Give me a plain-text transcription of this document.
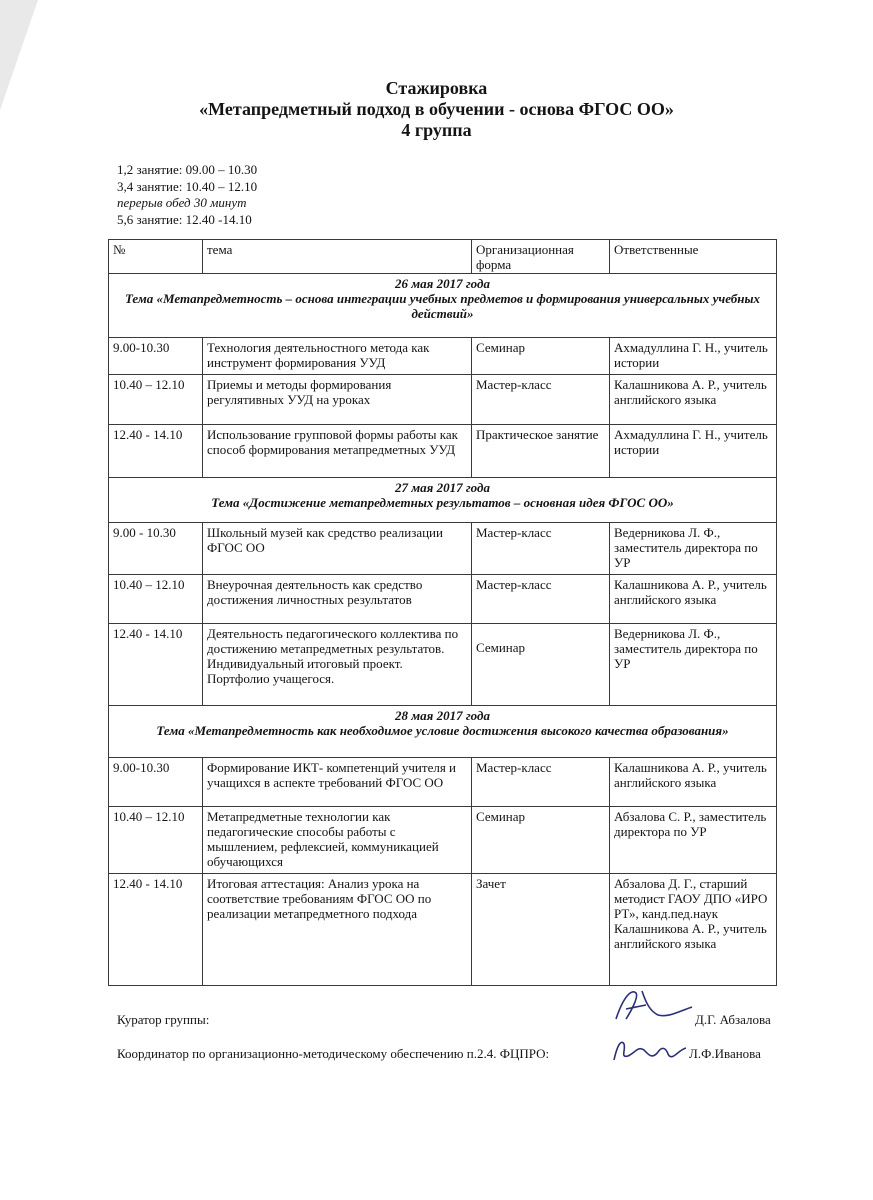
Стажировка
«Метапредметный подход в обучении - основа ФГОС ОО»
4 группа
1,2 занятие: 09.00 – 10.30
3,4 занятие: 10.40 – 12.10
перерыв обед 30 минут
5,6 занятие: 12.40 -14.10
№	тема	Организационная форма	Ответственные

26 мая 2017 года
Тема «Метапредметность – основа интеграции учебных предметов и формирования универсальных учебных действий»			

9.00-10.30	Технология деятельностного метода как инструмент формирования УУД	Семинар	Ахмадуллина Г. Н., учитель истории
10.40 – 12.10	Приемы и методы формирования регулятивных УУД на уроках	Мастер-класс	Калашникова А. Р., учитель английского языка
12.40 - 14.10	Использование групповой формы работы как способ формирования метапредметных УУД	Практическое занятие	Ахмадуллина Г. Н., учитель истории

27 мая 2017 года
Тема «Достижение метапредметных результатов – основная идея ФГОС ОО»			

9.00 - 10.30	Школьный музей как средство реализации ФГОС ОО	Мастер-класс	Ведерникова Л. Ф., заместитель директора по УР
10.40 – 12.10	Внеурочная деятельность как средство достижения личностных результатов	Мастер-класс	Калашникова А. Р., учитель английского языка
12.40 - 14.10	Деятельность педагогического коллектива по достижению метапредметных результатов. Индивидуальный итоговый проект. Портфолио учащегося.	Семинар	Ведерникова Л. Ф., заместитель директора по УР

28 мая 2017 года
Тема «Метапредметность как необходимое условие достижения высокого качества образования»			

9.00-10.30	Формирование ИКТ- компетенций учителя и учащихся в аспекте требований ФГОС ОО	Мастер-класс	Калашникова А. Р., учитель английского языка
10.40 – 12.10	Метапредметные технологии как педагогические способы работы с мышлением, рефлексией, коммуникацией обучающихся	Семинар	Абзалова С. Р., заместитель директора по УР
12.40 - 14.10	Итоговая аттестация: Анализ урока на соответствие требованиям ФГОС ОО по реализации метапредметного подхода	Зачет	Абзалова Д. Г., старший методист ГАОУ ДПО «ИРО РТ», канд.пед.наук Калашникова А. Р., учитель английского языка
Куратор группы:	Д.Г. Абзалова
Координатор по организационно-методическому обеспечению п.2.4. ФЦПРО:	Л.Ф.Иванова
